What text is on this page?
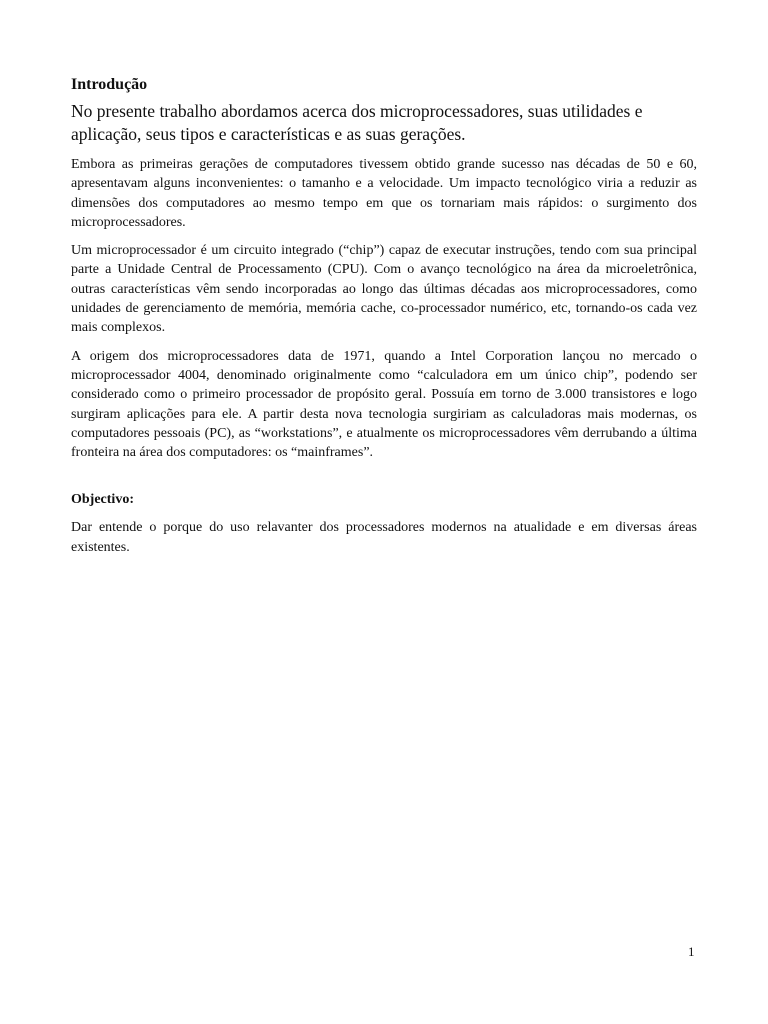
Introdução

No presente trabalho abordamos acerca dos microprocessadores, suas utilidades e aplicação, seus tipos e características e as suas gerações.

Embora as primeiras gerações de computadores tivessem obtido grande sucesso nas décadas de 50 e 60, apresentavam alguns inconvenientes: o tamanho e a velocidade. Um impacto tecnológico viria a reduzir as dimensões dos computadores ao mesmo tempo em que os tornariam mais rápidos: o surgimento dos microprocessadores.

Um microprocessador é um circuito integrado (“chip”) capaz de executar instruções, tendo com sua principal parte a Unidade Central de Processamento (CPU). Com o avanço tecnológico na área da microeletrônica, outras características vêm sendo incorporadas ao longo das últimas décadas aos microprocessadores, como unidades de gerenciamento de memória, memória cache, co-processador numérico, etc, tornando-os cada vez mais complexos.

A origem dos microprocessadores data de 1971, quando a Intel Corporation lançou no mercado o microprocessador 4004, denominado originalmente como “calculadora em um único chip”, podendo ser considerado como o primeiro processador de propósito geral. Possuía em torno de 3.000 transistores e logo surgiram aplicações para ele. A partir desta nova tecnologia surgiriam as calculadoras mais modernas, os computadores pessoais (PC), as “workstations”, e atualmente os microprocessadores vêm derrubando a última fronteira na área dos computadores: os “mainframes”.

Objectivo:

Dar entende o porque do uso relavanter dos processadores modernos na atualidade e em diversas áreas existentes.

1
